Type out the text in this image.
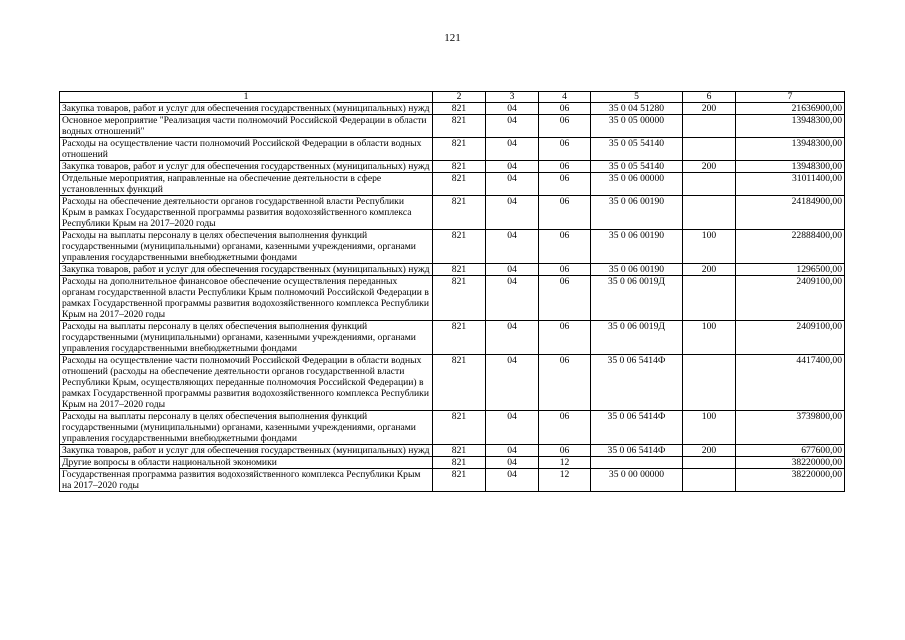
121
1	2	3	4	5	6	7
Закупка товаров, работ и услуг для обеспечения государственных (муниципальных) нужд	821	04	06	35 0 04 51280	200	21636900,00
Основное мероприятие "Реализация части полномочий Российской Федерации в области водных отношений"	821	04	06	35 0 05 00000		13948300,00
Расходы на осуществление части полномочий Российской Федерации в области водных отношений	821	04	06	35 0 05 54140		13948300,00
Закупка товаров, работ и услуг для обеспечения государственных (муниципальных) нужд	821	04	06	35 0 05 54140	200	13948300,00
Отдельные мероприятия, направленные на обеспечение деятельности в сфере установленных функций	821	04	06	35 0 06 00000		31011400,00
Расходы на обеспечение деятельности органов государственной власти Республики Крым в рамках Государственной программы развития водохозяйственного комплекса Республики Крым на 2017–2020 годы	821	04	06	35 0 06 00190		24184900,00
Расходы на выплаты персоналу в целях обеспечения выполнения функций государственными (муниципальными) органами, казенными учреждениями, органами управления государственными внебюджетными фондами	821	04	06	35 0 06 00190	100	22888400,00
Закупка товаров, работ и услуг для обеспечения государственных (муниципальных) нужд	821	04	06	35 0 06 00190	200	1296500,00
Расходы на дополнительное финансовое обеспечение осуществления переданных органам государственной власти Республики Крым полномочий Российской Федерации в рамках Государственной программы развития водохозяйственного комплекса Республики Крым на 2017–2020 годы	821	04	06	35 0 06 0019Д		2409100,00
Расходы на выплаты персоналу в целях обеспечения выполнения функций государственными (муниципальными) органами, казенными учреждениями, органами управления государственными внебюджетными фондами	821	04	06	35 0 06 0019Д	100	2409100,00
Расходы на осуществление части полномочий Российской Федерации в области водных отношений (расходы на обеспечение деятельности органов государственной власти Республики Крым, осуществляющих переданные полномочия Российской Федерации) в рамках Государственной программы развития водохозяйственного комплекса Республики Крым на 2017–2020 годы	821	04	06	35 0 06 5414Ф		4417400,00
Расходы на выплаты персоналу в целях обеспечения выполнения функций государственными (муниципальными) органами, казенными учреждениями, органами управления государственными внебюджетными фондами	821	04	06	35 0 06 5414Ф	100	3739800,00
Закупка товаров, работ и услуг для обеспечения государственных (муниципальных) нужд	821	04	06	35 0 06 5414Ф	200	677600,00
Другие вопросы в области национальной экономики	821	04	12			38220000,00
Государственная программа развития водохозяйственного комплекса Республики Крым на 2017–2020 годы	821	04	12	35 0 00 00000		38220000,00
